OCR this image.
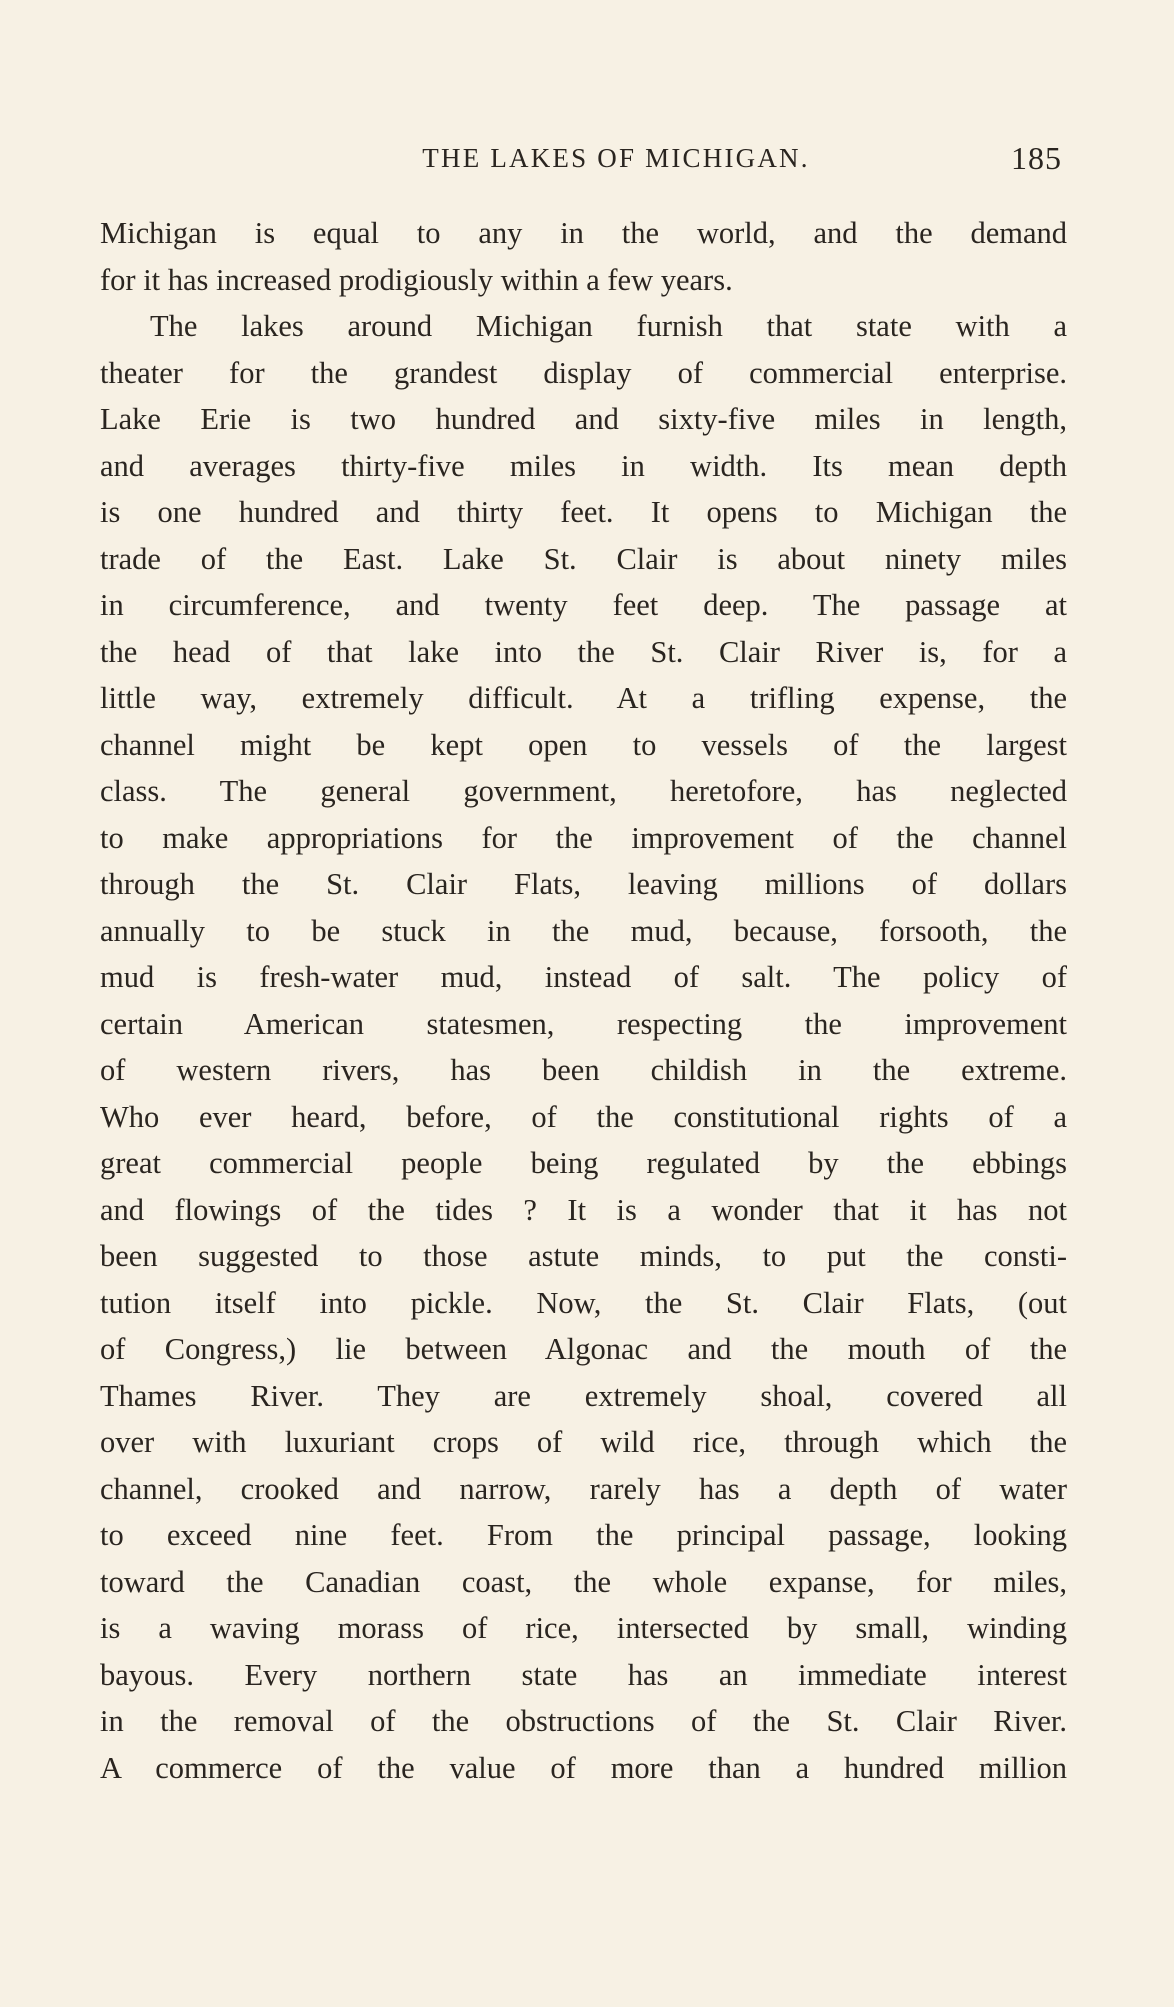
THE LAKES OF MICHIGAN.	185
Michigan is equal to any in the world, and the demand
for it has increased prodigiously within a few years.
The lakes around Michigan furnish that state with a
theater for the grandest display of commercial enterprise.
Lake Erie is two hundred and sixty-five miles in length,
and averages thirty-five miles in width. Its mean depth
is one hundred and thirty feet. It opens to Michigan the
trade of the East. Lake St. Clair is about ninety miles
in circumference, and twenty feet deep. The passage at
the head of that lake into the St. Clair River is, for a
little way, extremely difficult. At a trifling expense, the
channel might be kept open to vessels of the largest
class. The general government, heretofore, has neglected
to make appropriations for the improvement of the channel
through the St. Clair Flats, leaving millions of dollars
annually to be stuck in the mud, because, forsooth, the
mud is fresh-water mud, instead of salt. The policy of
certain American statesmen, respecting the improvement
of western rivers, has been childish in the extreme.
Who ever heard, before, of the constitutional rights of a
great commercial people being regulated by the ebbings
and flowings of the tides ? It is a wonder that it has not
been suggested to those astute minds, to put the consti-
tution itself into pickle. Now, the St. Clair Flats, (out
of Congress,) lie between Algonac and the mouth of the
Thames River. They are extremely shoal, covered all
over with luxuriant crops of wild rice, through which the
channel, crooked and narrow, rarely has a depth of water
to exceed nine feet. From the principal passage, looking
toward the Canadian coast, the whole expanse, for miles,
is a waving morass of rice, intersected by small, winding
bayous. Every northern state has an immediate interest
in the removal of the obstructions of the St. Clair River.
A commerce of the value of more than a hundred million
